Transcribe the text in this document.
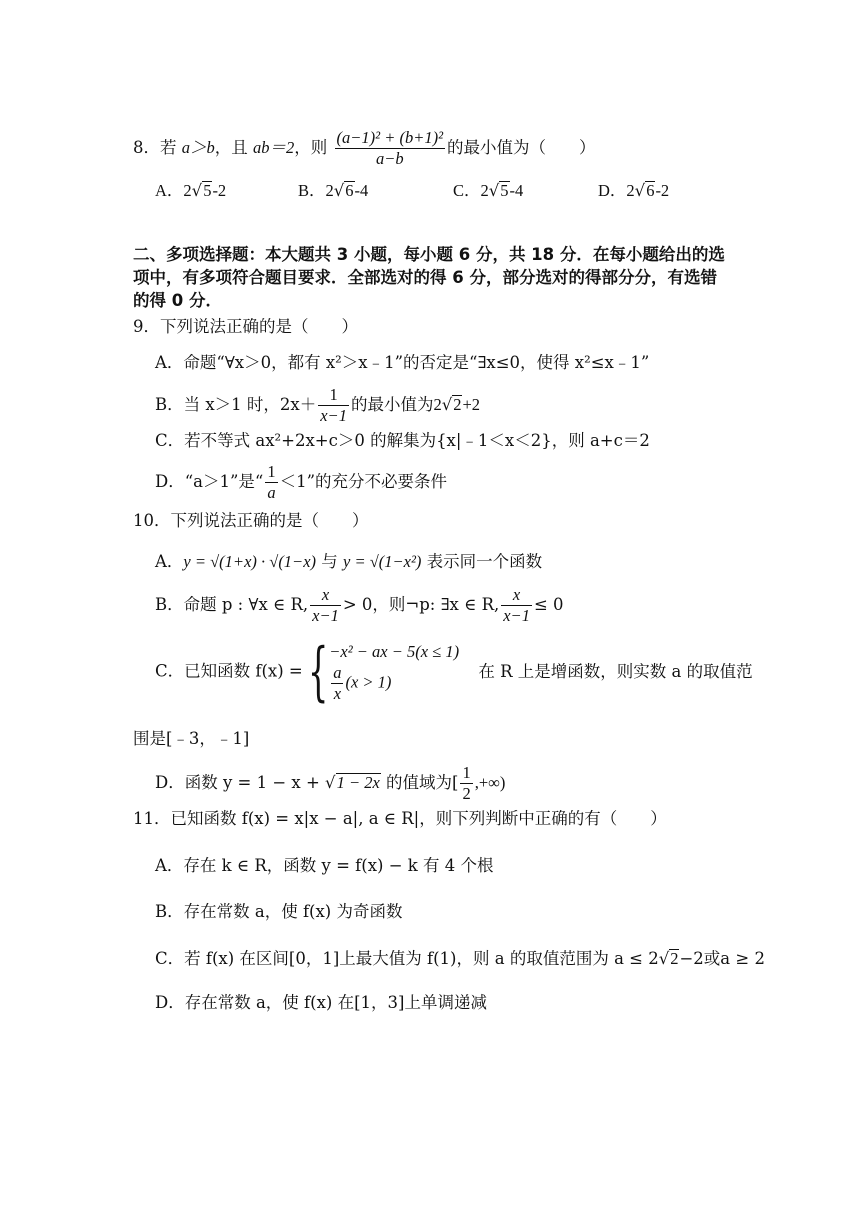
8．若 a＞b，且 ab＝2，则 $\frac{\text{(a−1)² + (b+1)²}}{a-b}$ 的最小值为（　　）
A．2√5-2	B．2√6-4	C．2√5-4	D．2√6-2
二、多项选择题：本大题共 3 小题，每小题 6 分，共 18 分．在每小题给出的选
项中，有多项符合题目要求．全部选对的得 6 分，部分选对的得部分分，有选错
的得 0 分．
9．下列说法正确的是（　　）
A．命题“∀x＞0，都有 x²＞x﹣1”的否定是“∃x≤0，使得 x²≤x﹣1”
B．当 x＞1 时，$2x+ \frac{1}{x-1}$ 的最小值为2√2+2
C．若不等式 ax²+2x+c＞0 的解集为{x|﹣1＜x＜2}，则 a+c＝2
D．“a＞1”是“ $\frac{1}{a} <1$”的充分不必要条件
10．下列说法正确的是（　　）
A．y = √(1+x) · √(1−x) 与 y = √(1−x²) 表示同一个函数
B．命题 p : ∀x ∈ R, $\frac{x}{x-1} > 0$，则¬p: ∃x ∈ R, $\frac{x}{x-1} \le 0$
C．已知函数 f(x) = { −x² − ax − 5(x ≤ 1)
$\frac{a}{x} (x > 1)$
在 R 上是增函数，则实数 a 的取值范
围是[﹣3，﹣1]
D．函数 y = 1 − x + √1 − 2x 的值域为[ $\frac{1}{2}$ ,+∞)
11．已知函数 f(x) = x|x − a|, a ∈ R|，则下列判断中正确的有（　　）
A．存在 k ∈ R，函数 y = f(x) − k 有 4 个根
B．存在常数 a，使 f(x) 为奇函数
C．若 f(x) 在区间[0，1]上最大值为 f(1)，则 a 的取值范围为 a ≤ 2√2−2或a ≥ 2
D．存在常数 a，使 f(x) 在[1，3]上单调递减
